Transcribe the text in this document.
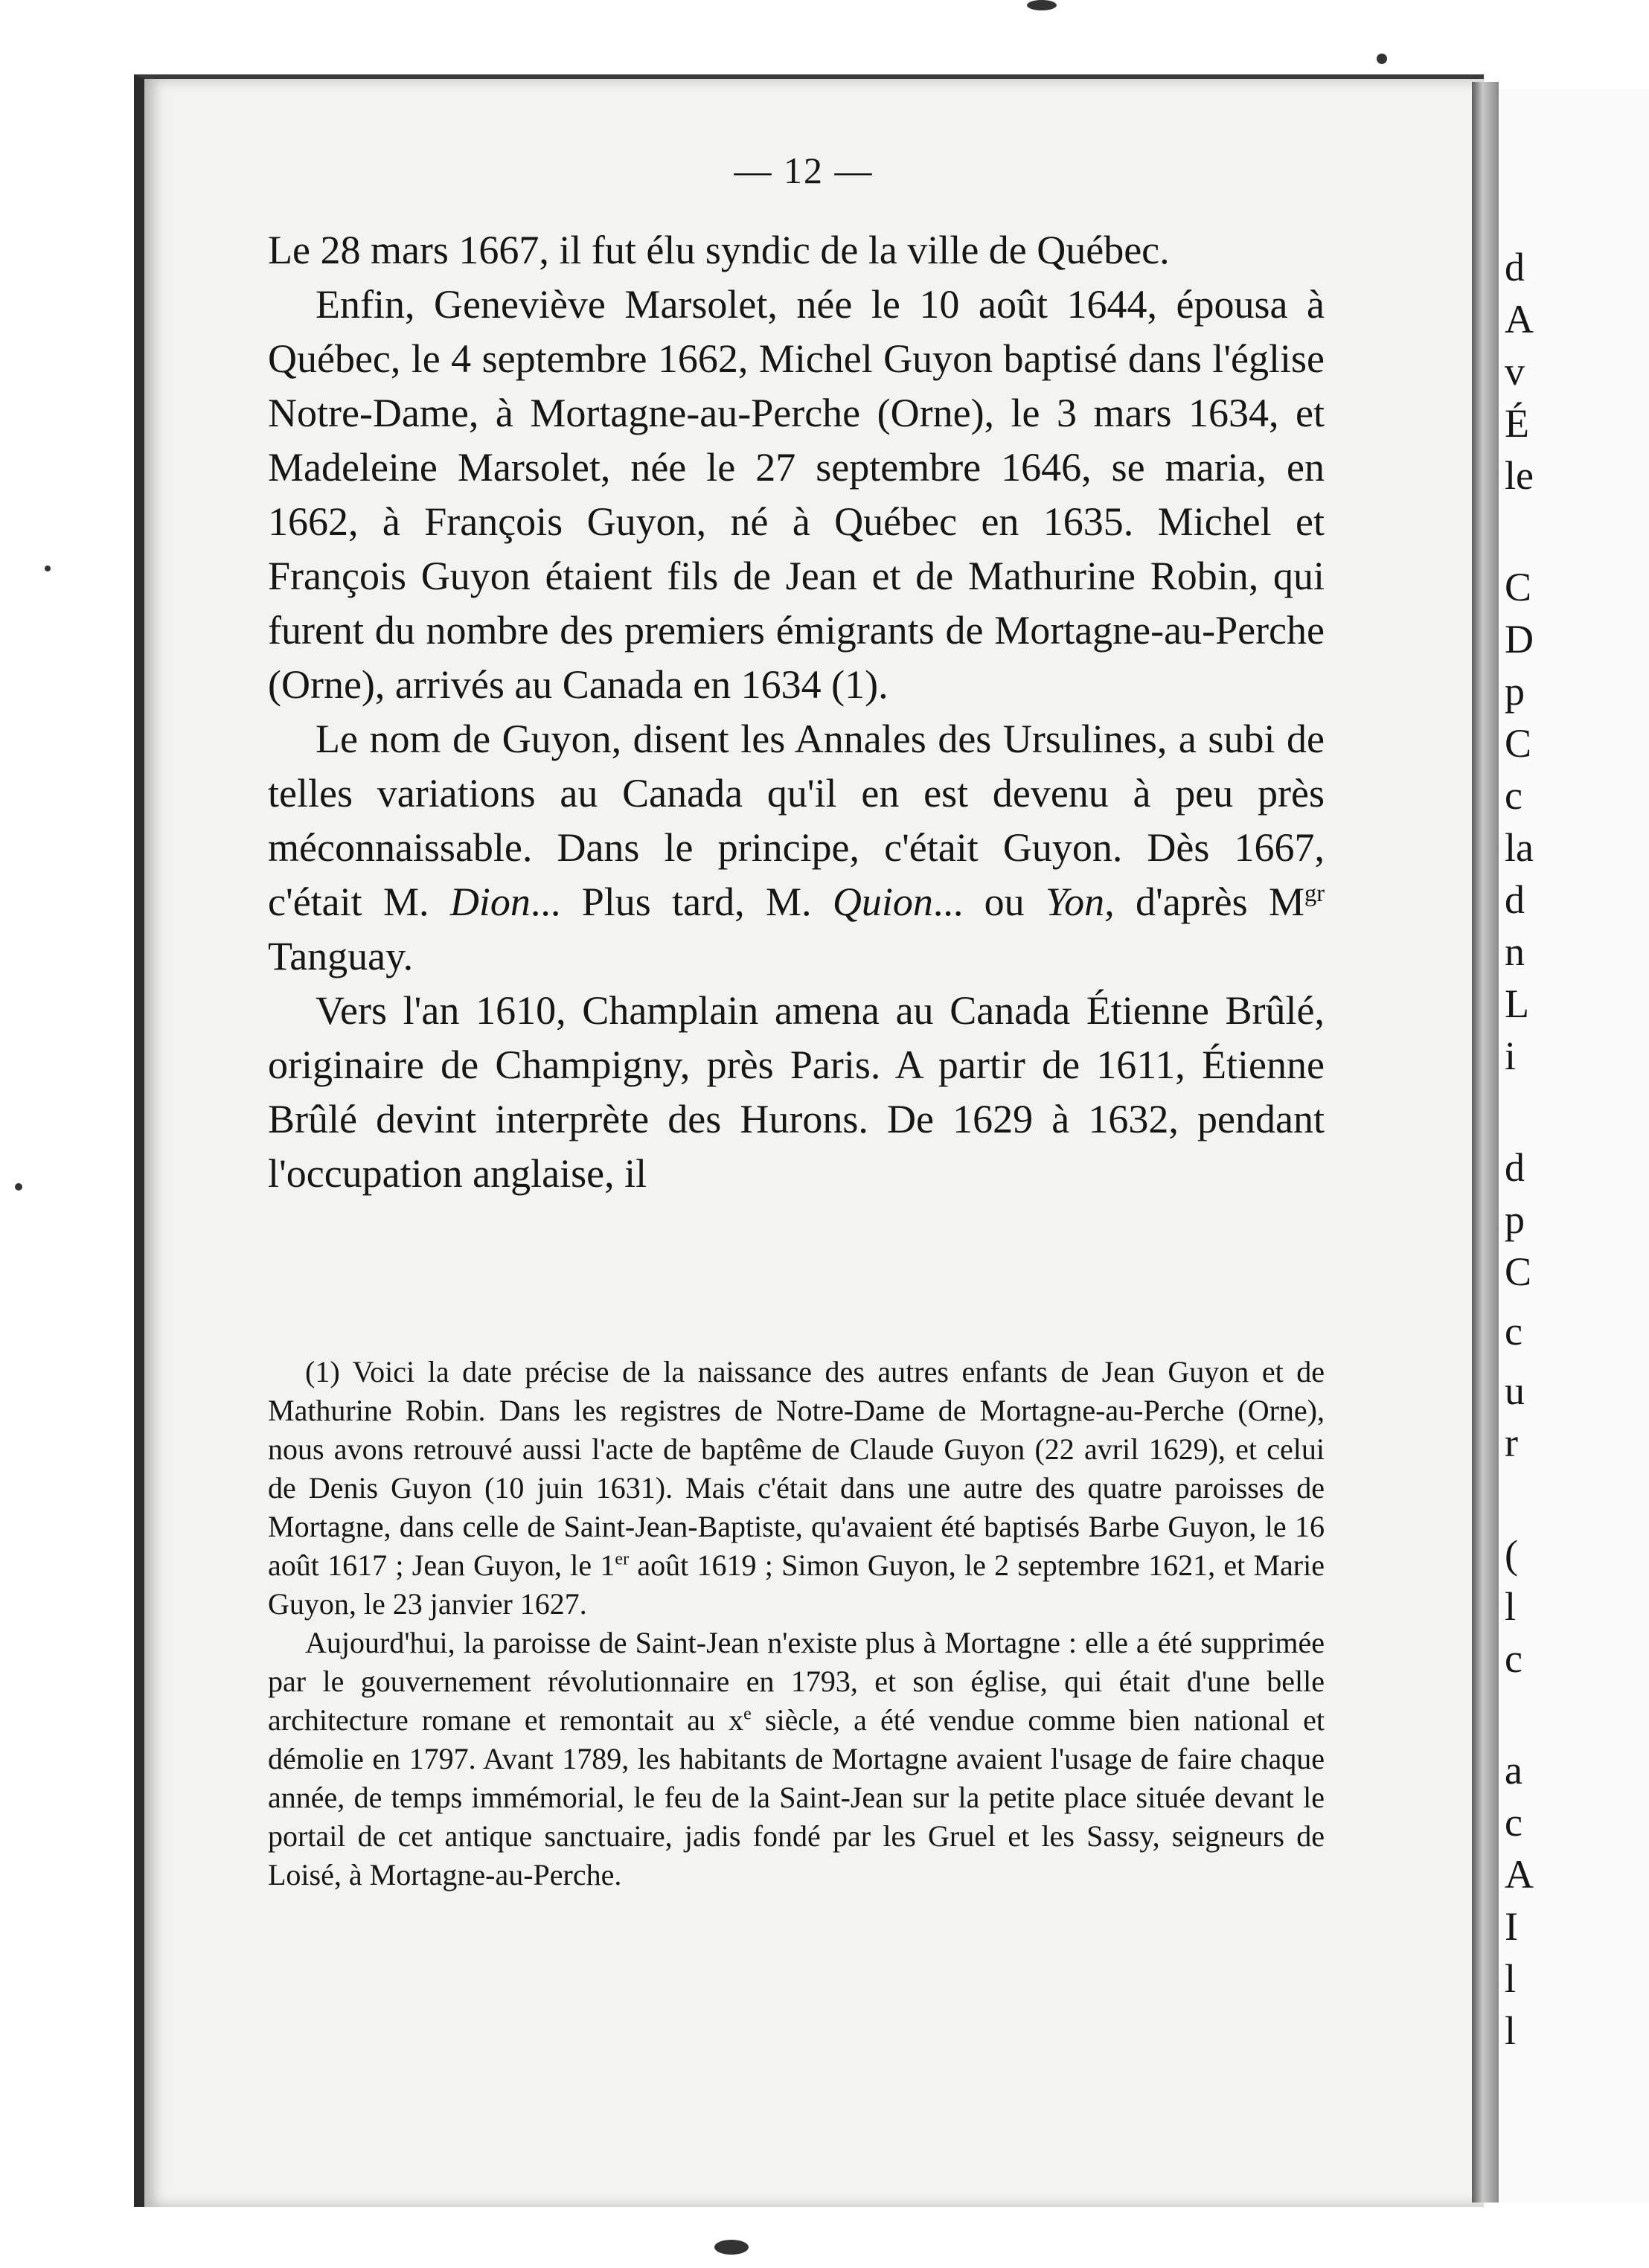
d
A
v
É
le
C
D
p
C
c
la
d
n
L
i
d
p
C
c
u
r
(
l
c
a
c
A
I
l
l
— 12 —

Le 28 mars 1667, il fut élu syndic de la ville de Québec.

Enfin, Geneviève Marsolet, née le 10 août 1644, épousa à Québec, le 4 septembre 1662, Michel Guyon baptisé dans l'église Notre-Dame, à Mortagne-au-Perche (Orne), le 3 mars 1634, et Madeleine Marsolet, née le 27 septembre 1646, se maria, en 1662, à François Guyon, né à Québec en 1635. Michel et François Guyon étaient fils de Jean et de Mathurine Robin, qui furent du nombre des premiers émigrants de Mortagne-au-Perche (Orne), arrivés au Canada en 1634 (1).

Le nom de Guyon, disent les Annales des Ursulines, a subi de telles variations au Canada qu'il en est devenu à peu près méconnaissable. Dans le principe, c'était Guyon. Dès 1667, c'était M. Dion... Plus tard, M. Quion... ou Yon, d'après $M^{gr}$ Tanguay.

Vers l'an 1610, Champlain amena au Canada Étienne Brûlé, originaire de Champigny, près Paris. A partir de 1611, Étienne Brûlé devint interprète des Hurons. De 1629 à 1632, pendant l'occupation anglaise, il

(1) Voici la date précise de la naissance des autres enfants de Jean Guyon et de Mathurine Robin. Dans les registres de Notre-Dame de Mortagne-au-Perche (Orne), nous avons retrouvé aussi l'acte de baptême de Claude Guyon (22 avril 1629), et celui de Denis Guyon (10 juin 1631). Mais c'était dans une autre des quatre paroisses de Mortagne, dans celle de Saint-Jean-Baptiste, qu'avaient été baptisés Barbe Guyon, le 16 août 1617 ; Jean Guyon, le 1er août 1619 ; Simon Guyon, le 2 septembre 1621, et Marie Guyon, le 23 janvier 1627.

Aujourd'hui, la paroisse de Saint-Jean n'existe plus à Mortagne : elle a été supprimée par le gouvernement révolutionnaire en 1793, et son église, qui était d'une belle architecture romane et remontait au $x^e$ siècle, a été vendue comme bien national et démolie en 1797. Avant 1789, les habitants de Mortagne avaient l'usage de faire chaque année, de temps immémorial, le feu de la Saint-Jean sur la petite place située devant le portail de cet antique sanctuaire, jadis fondé par les Gruel et les Sassy, seigneurs de Loisé, à Mortagne-au-Perche.
